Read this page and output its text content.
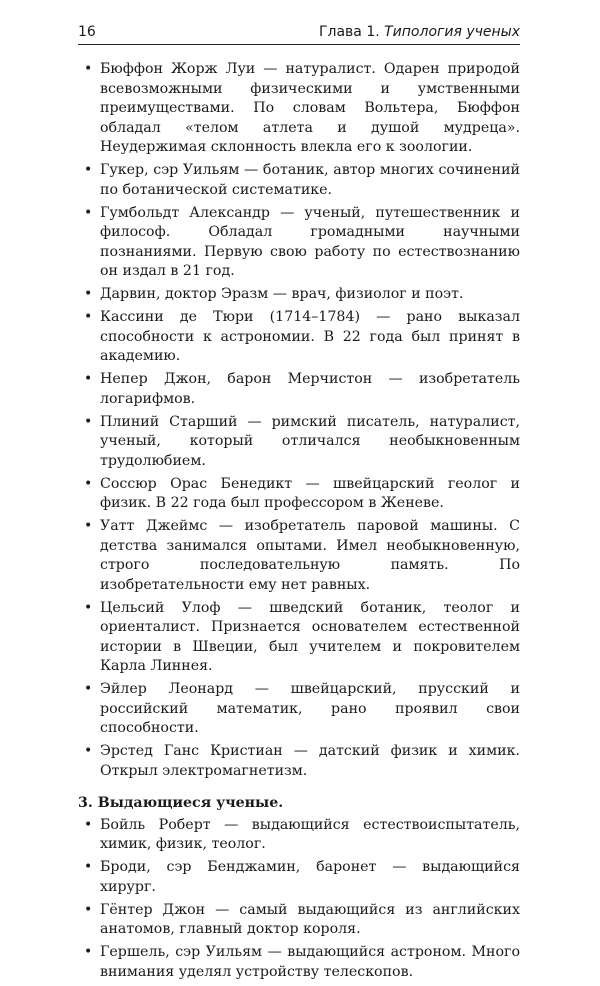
16	Глава 1. Типология ученых
• Бюффон Жорж Луи — натуралист. Одарен природой всевозможными физическими и умственными преимуществами. По словам Вольтера, Бюффон обладал «телом атлета и душой мудреца». Неудержимая склонность влекла его к зоологии.
• Гукер, сэр Уильям — ботаник, автор многих сочинений по ботанической систематике.
• Гумбольдт Александр — ученый, путешественник и философ. Обладал громадными научными познаниями. Первую свою работу по естествознанию он издал в 21 год.
• Дарвин, доктор Эразм — врач, физиолог и поэт.
• Кассини де Тюри (1714–1784) — рано выказал способности к астрономии. В 22 года был принят в академию.
• Непер Джон, барон Мерчистон — изобретатель логарифмов.
• Плиний Старший — римский писатель, натуралист, ученый, который отличался необыкновенным трудолюбием.
• Соссюр Орас Бенедикт — швейцарский геолог и физик. В 22 года был профессором в Женеве.
• Уатт Джеймс — изобретатель паровой машины. С детства занимался опытами. Имел необыкновенную, строго последовательную память. По изобретательности ему нет равных.
• Цельсий Улоф — шведский ботаник, теолог и ориенталист. Признается основателем естественной истории в Швеции, был учителем и покровителем Карла Линнея.
• Эйлер Леонард — швейцарский, прусский и российский математик, рано проявил свои способности.
• Эрстед Ганс Кристиан — датский физик и химик. Открыл электромагнетизм.
3. Выдающиеся ученые.
• Бойль Роберт — выдающийся естествоиспытатель, химик, физик, теолог.
• Броди, сэр Бенджамин, баронет — выдающийся хирург.
• Гёнтер Джон — самый выдающийся из английских анатомов, главный доктор короля.
• Гершель, сэр Уильям — выдающийся астроном. Много внимания уделял устройству телескопов.
